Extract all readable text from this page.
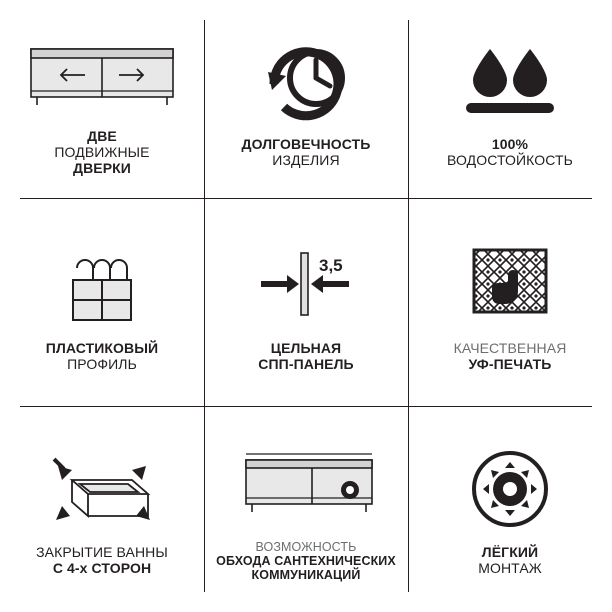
ДВЕ
ПОДВИЖНЫЕ
ДВЕРКИ
ДОЛГОВЕЧНОСТЬ
ИЗДЕЛИЯ
100%
ВОДОСТОЙКОСТЬ
ПЛАСТИКОВЫЙ
ПРОФИЛЬ
3,5
мм
ЦЕЛЬНАЯ
СПП-ПАНЕЛЬ
КАЧЕСТВЕННАЯ
УФ-ПЕЧАТЬ
ЗАКРЫТИЕ ВАННЫ
С 4-х СТОРОН
ВОЗМОЖНОСТЬ
ОБХОДА САНТЕХНИЧЕСКИХ
КОММУНИКАЦИЙ
ЛЁГКИЙ
МОНТАЖ
